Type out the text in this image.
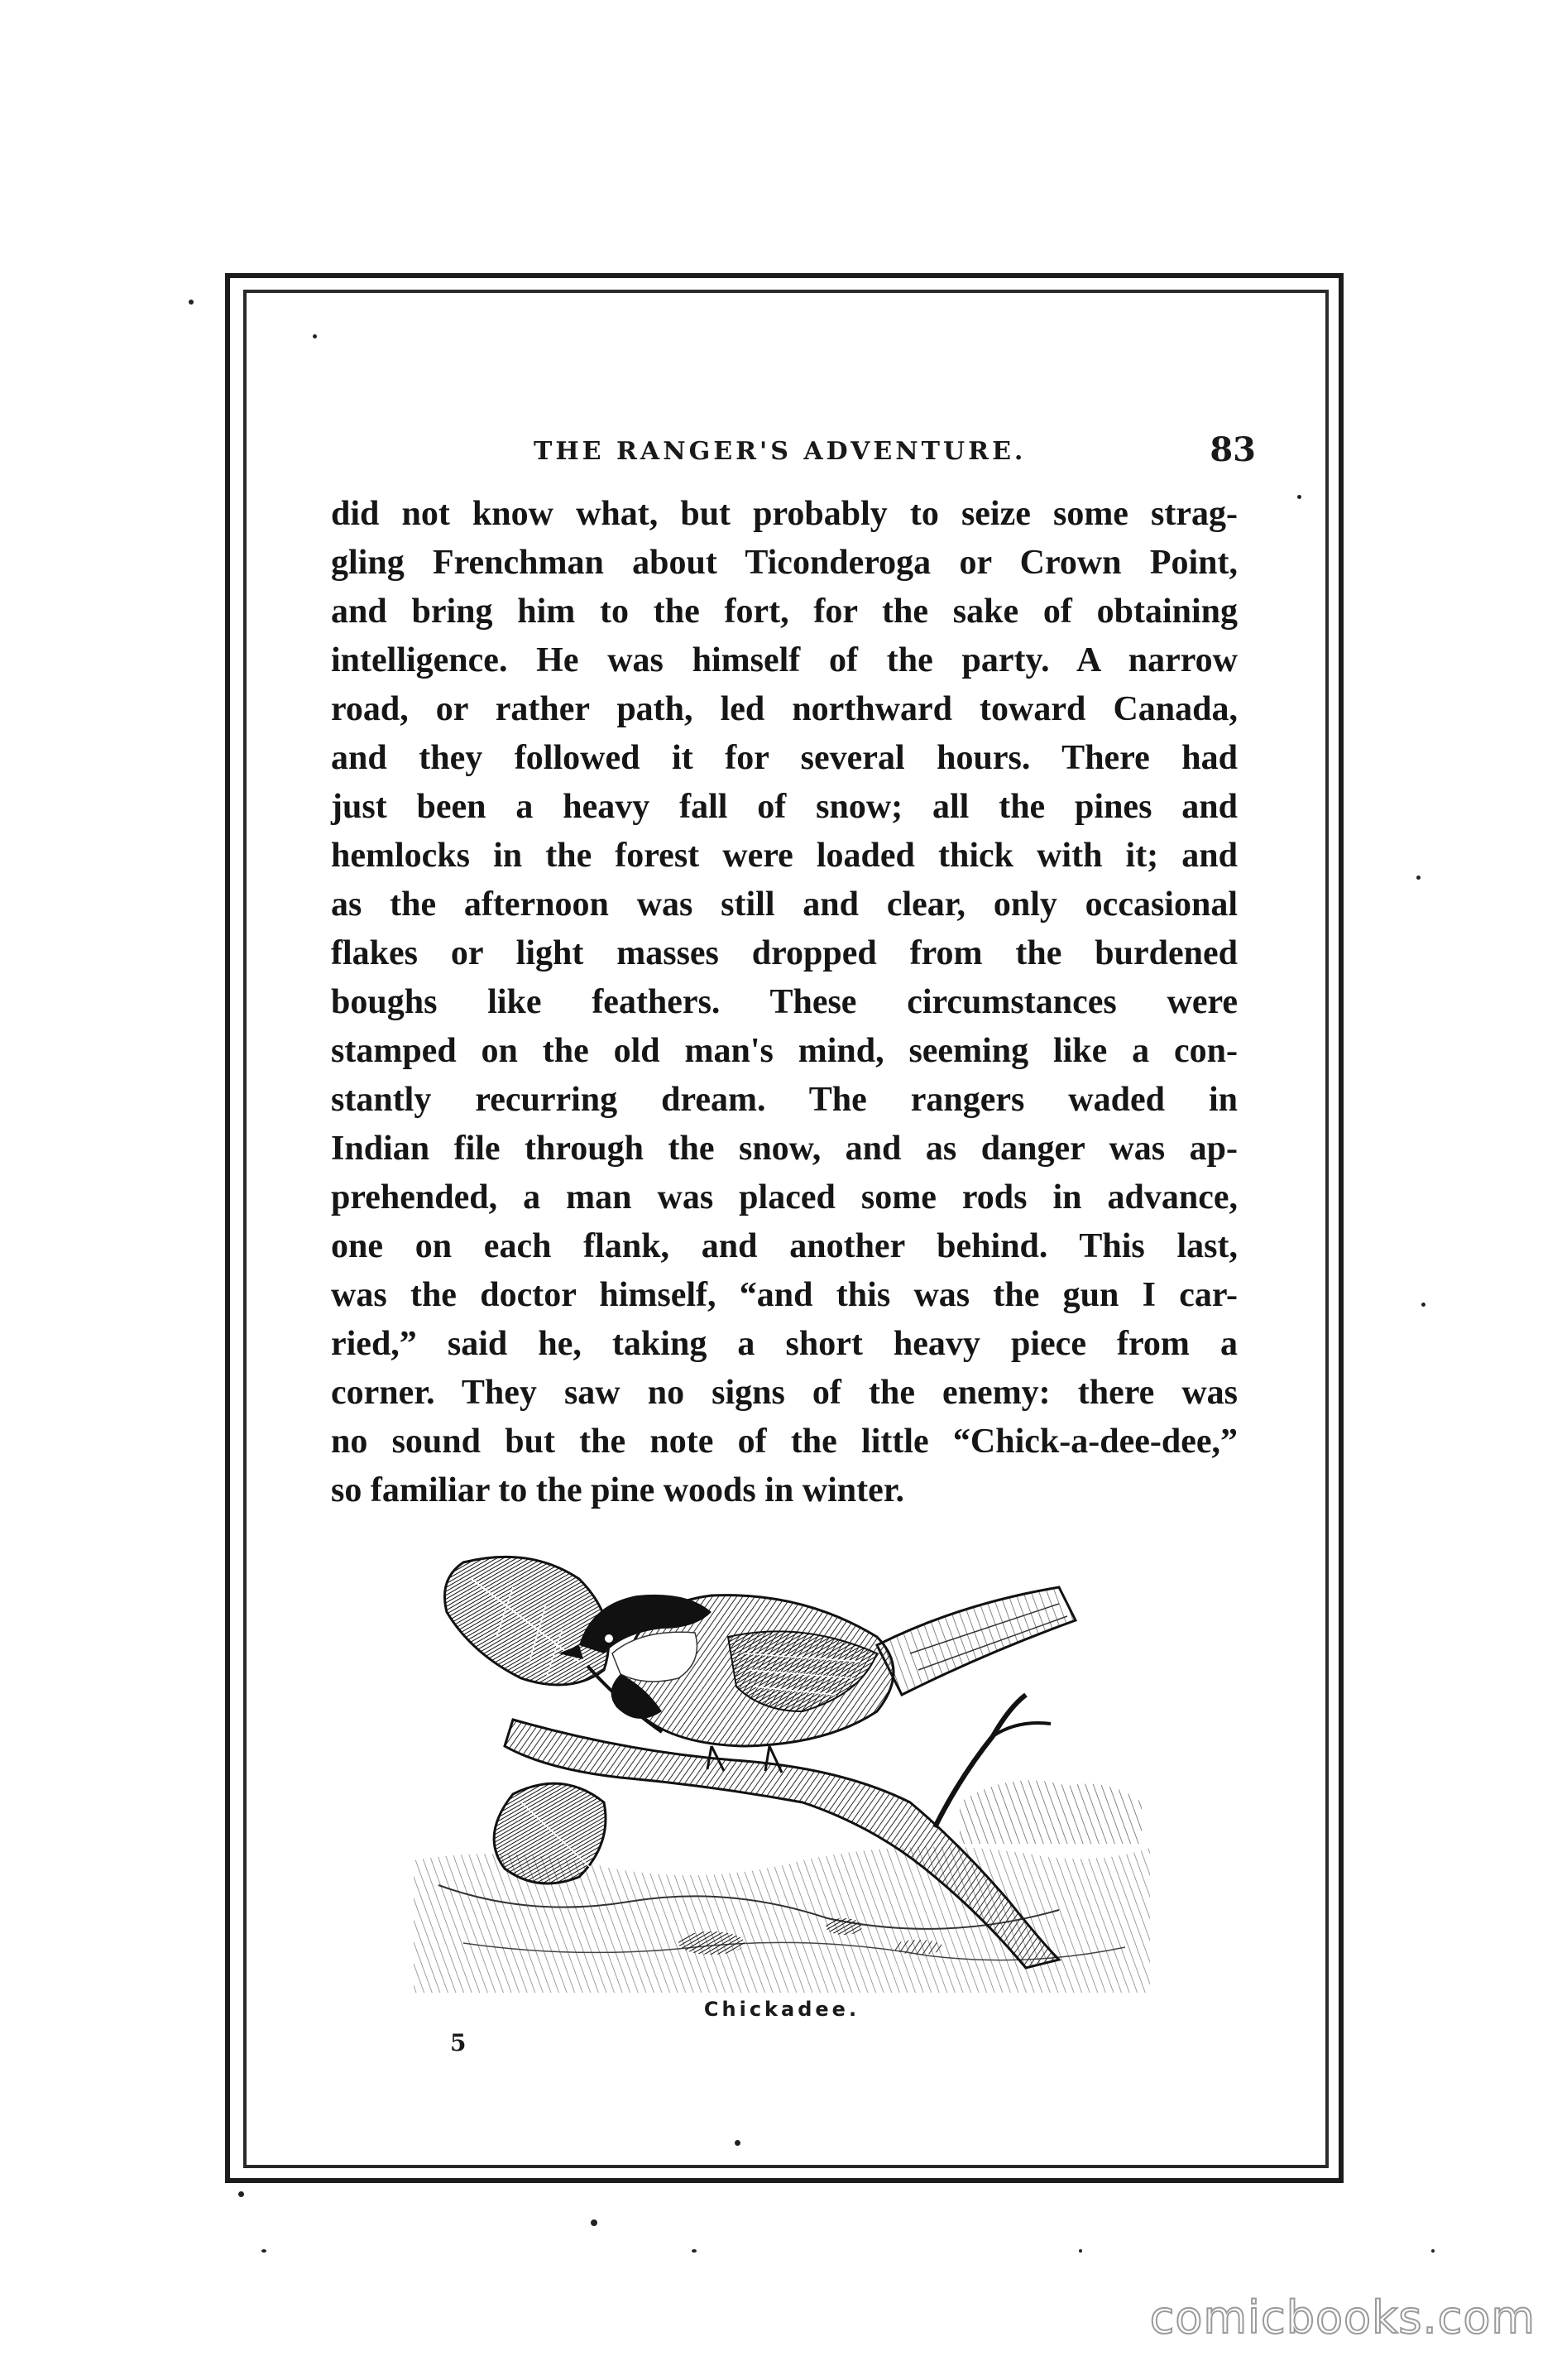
THE RANGER'S ADVENTURE.	83
did not know what, but probably to seize some strag-
gling Frenchman about Ticonderoga or Crown Point,
and bring him to the fort, for the sake of obtaining
intelligence. He was himself of the party. A narrow
road, or rather path, led northward toward Canada,
and they followed it for several hours. There had
just been a heavy fall of snow; all the pines and
hemlocks in the forest were loaded thick with it; and
as the afternoon was still and clear, only occasional
flakes or light masses dropped from the burdened
boughs like feathers. These circumstances were
stamped on the old man's mind, seeming like a con-
stantly recurring dream. The rangers waded in
Indian file through the snow, and as danger was ap-
prehended, a man was placed some rods in advance,
one on each flank, and another behind. This last,
was the doctor himself, “and this was the gun I car-
ried,” said he, taking a short heavy piece from a
corner. They saw no signs of the enemy: there was
no sound but the note of the little “Chick-a-dee-dee,”
so familiar to the pine woods in winter.
Chickadee.
5
comicbooks.com
